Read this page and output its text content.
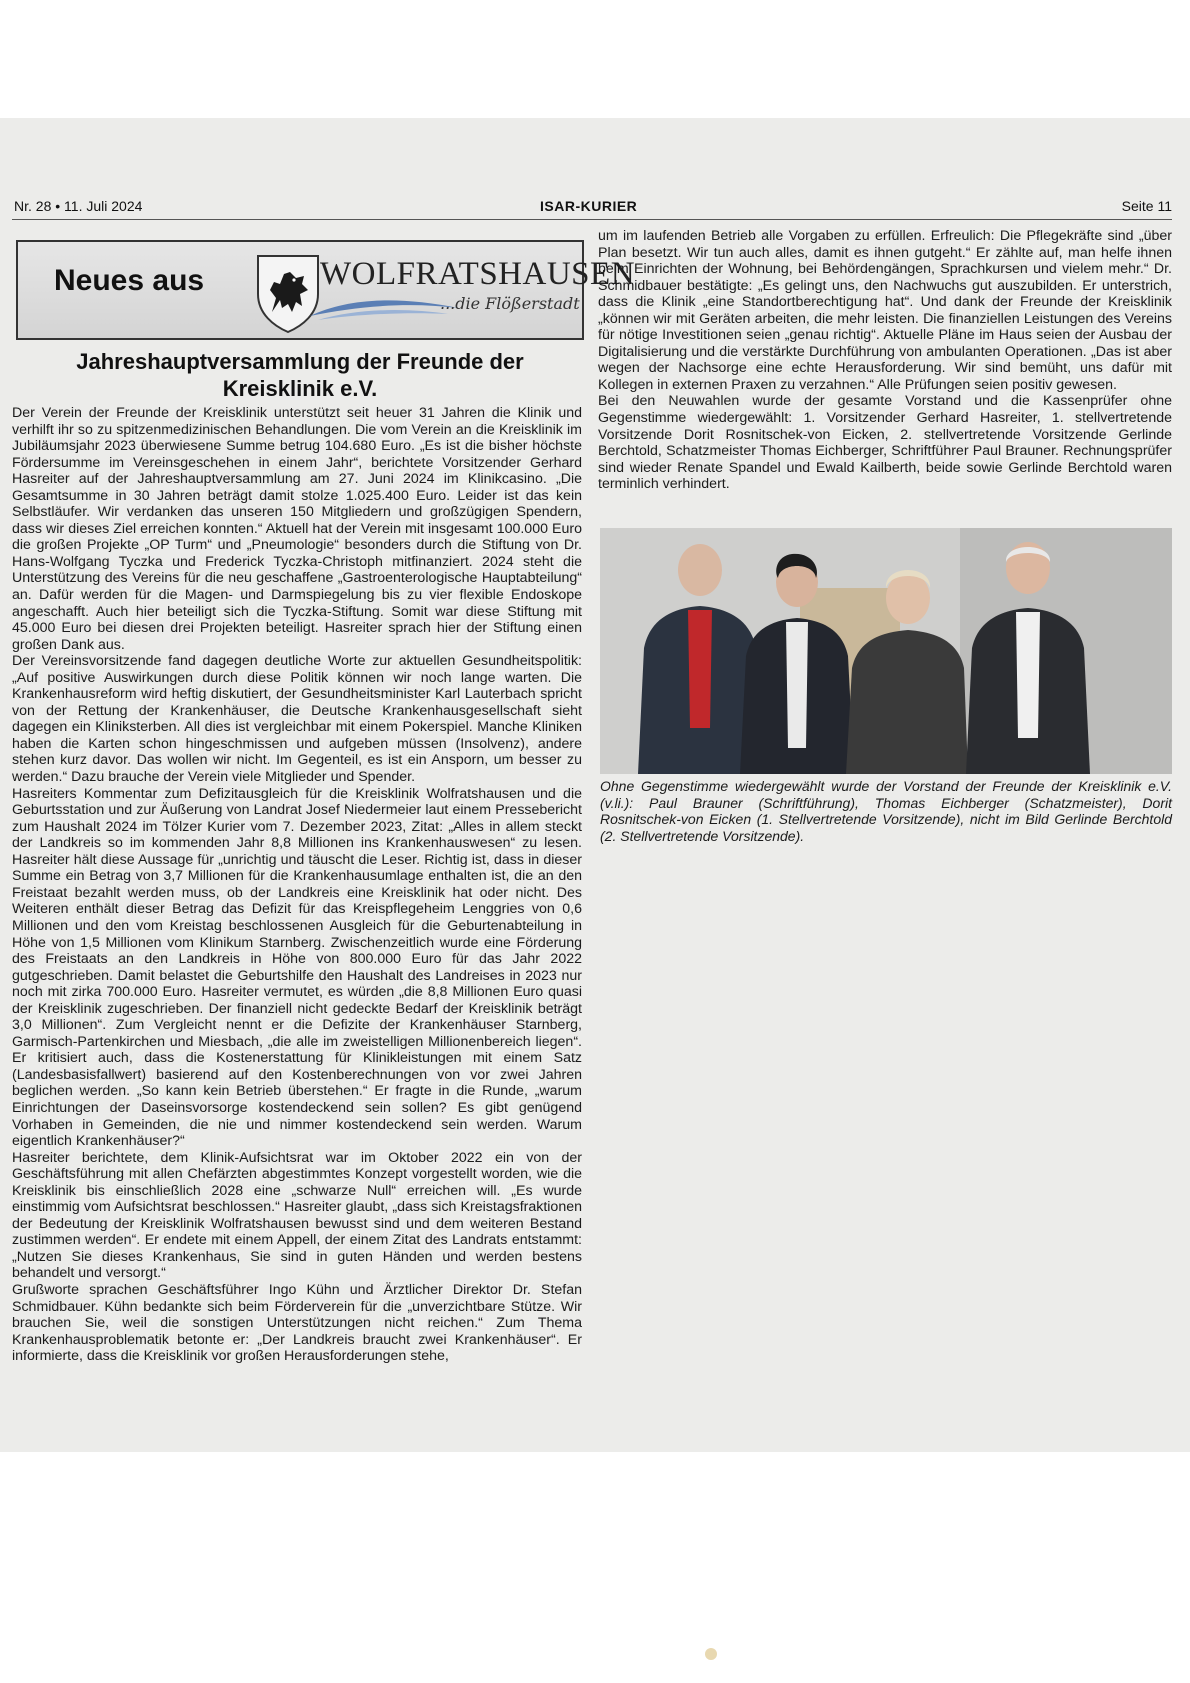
Nr. 28 • 11. Juli 2024	ISAR-KURIER	Seite 11
Neues aus	WOLFRATSHAUSEN
...die Flößerstadt
Jahreshauptversammlung der Freunde der
Kreisklinik e.V.

Der Verein der Freunde der Kreisklinik unterstützt seit heuer 31 Jahren die Klinik und verhilft ihr so zu spitzenmedizinischen Behandlungen. Die vom Verein an die Kreisklinik im Jubiläumsjahr 2023 überwiesene Summe betrug 104.680 Euro. „Es ist die bisher höchste Fördersumme im Vereinsgeschehen in einem Jahr“, berichtete Vorsitzender Gerhard Hasreiter auf der Jahreshauptversammlung am 27. Juni 2024 im Klinikcasino. „Die Gesamtsumme in 30 Jahren beträgt damit stolze 1.025.400 Euro. Leider ist das kein Selbstläufer. Wir verdanken das unseren 150 Mitgliedern und großzügigen Spendern, dass wir dieses Ziel erreichen konnten.“ Aktuell hat der Verein mit insgesamt 100.000 Euro die großen Projekte „OP Turm“ und „Pneumologie“ besonders durch die Stiftung von Dr. Hans-Wolfgang Tyczka und Frederick Tyczka-Christoph mitfinanziert. 2024 steht die Unterstützung des Vereins für die neu geschaffene „Gastroenterologische Hauptabteilung“ an. Dafür werden für die Magen- und Darmspiegelung bis zu vier flexible Endoskope angeschafft. Auch hier beteiligt sich die Tyczka-Stiftung. Somit war diese Stiftung mit 45.000 Euro bei diesen drei Projekten beteiligt. Hasreiter sprach hier der Stiftung einen großen Dank aus.

Der Vereinsvorsitzende fand dagegen deutliche Worte zur aktuellen Gesundheitspolitik: „Auf positive Auswirkungen durch diese Politik können wir noch lange warten. Die Krankenhausreform wird heftig diskutiert, der Gesundheitsminister Karl Lauterbach spricht von der Rettung der Krankenhäuser, die Deutsche Krankenhausgesellschaft sieht dagegen ein Kliniksterben. All dies ist vergleichbar mit einem Pokerspiel. Manche Kliniken haben die Karten schon hingeschmissen und aufgeben müssen (Insolvenz), andere stehen kurz davor. Das wollen wir nicht. Im Gegenteil, es ist ein Ansporn, um besser zu werden.“ Dazu brauche der Verein viele Mitglieder und Spender.

Hasreiters Kommentar zum Defizitausgleich für die Kreisklinik Wolfratshausen und die Geburtsstation und zur Äußerung von Landrat Josef Niedermeier laut einem Pressebericht zum Haushalt 2024 im Tölzer Kurier vom 7. Dezember 2023, Zitat: „Alles in allem steckt der Landkreis so im kommenden Jahr 8,8 Millionen ins Krankenhauswesen“ zu lesen. Hasreiter hält diese Aussage für „unrichtig und täuscht die Leser. Richtig ist, dass in dieser Summe ein Betrag von 3,7 Millionen für die Krankenhausumlage enthalten ist, die an den Freistaat bezahlt werden muss, ob der Landkreis eine Kreisklinik hat oder nicht. Des Weiteren enthält dieser Betrag das Defizit für das Kreispflegeheim Lenggries von 0,6 Millionen und den vom Kreistag beschlossenen Ausgleich für die Geburtenabteilung in Höhe von 1,5 Millionen vom Klinikum Starnberg. Zwischenzeitlich wurde eine Förderung des Freistaats an den Landkreis in Höhe von 800.000 Euro für das Jahr 2022 gutgeschrieben. Damit belastet die Geburtshilfe den Haushalt des Landreises in 2023 nur noch mit zirka 700.000 Euro. Hasreiter vermutet, es würden „die 8,8 Millionen Euro quasi der Kreisklinik zugeschrieben. Der finanziell nicht gedeckte Bedarf der Kreisklinik beträgt 3,0 Millionen“. Zum Vergleicht nennt er die Defizite der Krankenhäuser Starnberg, Garmisch-Partenkirchen und Miesbach, „die alle im zweistelligen Millionenbereich liegen“. Er kritisiert auch, dass die Kostenerstattung für Klinikleistungen mit einem Satz (Landesbasisfallwert) basierend auf den Kostenberechnungen von vor zwei Jahren beglichen werden. „So kann kein Betrieb überstehen.“ Er fragte in die Runde, „warum Einrichtungen der Daseinsvorsorge kostendeckend sein sollen? Es gibt genügend Vorhaben in Gemeinden, die nie und nimmer kostendeckend sein werden. Warum eigentlich Krankenhäuser?“

Hasreiter berichtete, dem Klinik-Aufsichtsrat war im Oktober 2022 ein von der Geschäftsführung mit allen Chefärzten abgestimmtes Konzept vorgestellt worden, wie die Kreisklinik bis einschließlich 2028 eine „schwarze Null“ erreichen will. „Es wurde einstimmig vom Aufsichtsrat beschlossen.“ Hasreiter glaubt, „dass sich Kreistagsfraktionen der Bedeutung der Kreisklinik Wolfratshausen bewusst sind und dem weiteren Bestand zustimmen werden“. Er endete mit einem Appell, der einem Zitat des Landrats entstammt: „Nutzen Sie dieses Krankenhaus, Sie sind in guten Händen und werden bestens behandelt und versorgt.“

Grußworte sprachen Geschäftsführer Ingo Kühn und Ärztlicher Direktor Dr. Stefan Schmidbauer. Kühn bedankte sich beim Förderverein für die „unverzichtbare Stütze. Wir brauchen Sie, weil die sonstigen Unterstützungen nicht reichen.“ Zum Thema Krankenhausproblematik betonte er: „Der Landkreis braucht zwei Krankenhäuser“. Er informierte, dass die Kreisklinik vor großen Herausforderungen stehe,

um im laufenden Betrieb alle Vorgaben zu erfüllen. Erfreulich: Die Pflegekräfte sind „über Plan besetzt. Wir tun auch alles, damit es ihnen gutgeht.“ Er zählte auf, man helfe ihnen beim Einrichten der Wohnung, bei Behördengängen, Sprachkursen und vielem mehr.“ Dr. Schmidbauer bestätigte: „Es gelingt uns, den Nachwuchs gut auszubilden. Er unterstrich, dass die Klinik „eine Standortberechtigung hat“. Und dank der Freunde der Kreisklinik „können wir mit Geräten arbeiten, die mehr leisten. Die finanziellen Leistungen des Vereins für nötige Investitionen seien „genau richtig“. Aktuelle Pläne im Haus seien der Ausbau der Digitalisierung und die verstärkte Durchführung von ambulanten Operationen. „Das ist aber wegen der Nachsorge eine echte Herausforderung. Wir sind bemüht, uns dafür mit Kollegen in externen Praxen zu verzahnen.“ Alle Prüfungen seien positiv gewesen.

Bei den Neuwahlen wurde der gesamte Vorstand und die Kassenprüfer ohne Gegenstimme wiedergewählt: 1. Vorsitzender Gerhard Hasreiter, 1. stellvertretende Vorsitzende Dorit Rosnitschek-von Eicken, 2. stellvertretende Vorsitzende Gerlinde Berchtold, Schatzmeister Thomas Eichberger, Schriftführer Paul Brauner. Rechnungsprüfer sind wieder Renate Spandel und Ewald Kailberth, beide sowie Gerlinde Berchtold waren terminlich verhindert.

Ohne Gegenstimme wiedergewählt wurde der Vorstand der Freunde der Kreisklinik e.V. (v.li.): Paul Brauner (Schriftführung), Thomas Eichberger (Schatzmeister), Dorit Rosnitschek-von Eicken (1. Stellvertretende Vorsitzende), nicht im Bild Gerlinde Berchtold (2. Stellvertretende Vorsitzende).
